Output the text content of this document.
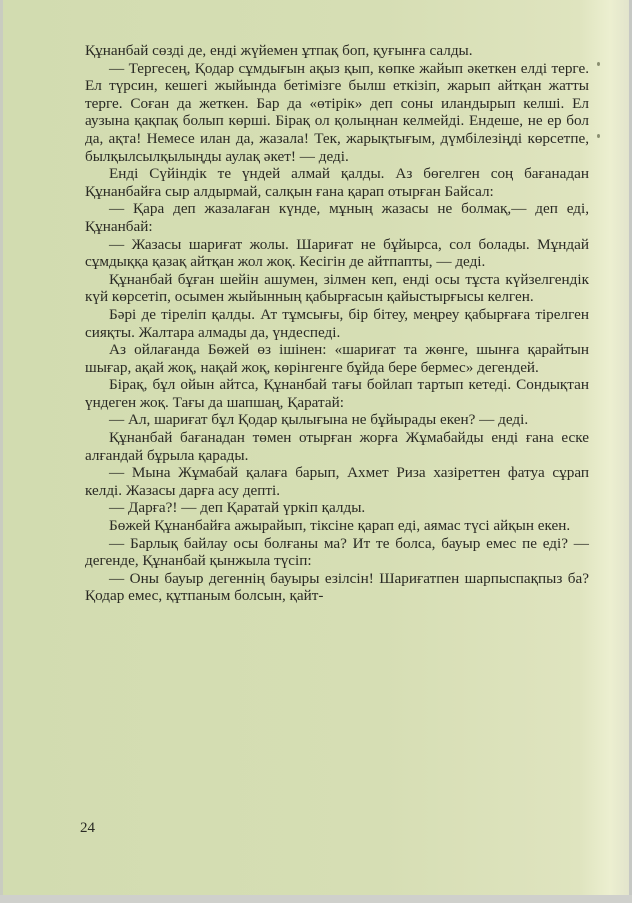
Құнанбай сөзді де, енді жүйемен ұтпақ боп, қуғынға салды.

— Тергесең, Қодар сұмдығын ақыз қып, көпке жайып әкеткен елді терге. Ел түрсин, кешегі жыйында бетімізге былш еткізіп, жарып айтқан жатты терге. Соған да жеткен. Бар да «өтірік» деп соны иландырып келші. Ел аузына қақпақ болып көрші. Бірақ ол қолыңнан келмейді. Ендеше, не ер бол да, ақта! Немесе илан да, жазала! Тек, жарықтығым, дүмбілезіңді көрсетпе, былқылсылқылыңды аулақ әкет! — деді.

Енді Сүйіндік те үндей алмай қалды. Аз бөгелген соң бағанадан Құнанбайға сыр алдырмай, салқын ғана қарап отырған Байсал:

— Қара деп жазалаған күнде, мұның жазасы не болмақ,— деп еді, Құнанбай:

— Жазасы шариғат жолы. Шариғат не бұйырса, сол болады. Мұндай сұмдыққа қазақ айтқан жол жоқ. Кесігін де айтпапты, — деді.

Құнанбай бұған шейін ашумен, зілмен кеп, енді осы тұста күйзелгендік күй көрсетіп, осымен жыйынның қабырғасын қайыстырғысы келген.

Бәрі де тіреліп қалды. Ат тұмсығы, бір бітеу, меңреу қабырғаға тірелген сияқты. Жалтара алмады да, үндеспеді.

Аз ойлағанда Бөжей өз ішінен: «шариғат та жөнге, шынға қарайтын шығар, ақай жоқ, нақай жоқ, көрінгенге бұйда бере бермес» дегендей.

Бірақ, бұл ойын айтса, Құнанбай тағы бойлап тартып кетеді. Сондықтан үндеген жоқ. Тағы да шапшаң, Қаратай:

— Ал, шариғат бұл Қодар қылығына не бұйырады екен? — деді.

Құнанбай бағанадан төмен отырған жорға Жұмабайды енді ғана еске алғандай бұрыла қарады.

— Мына Жұмабай қалаға барып, Ахмет Риза хазіреттен фатуа сұрап келді. Жазасы дарға асу депті.

— Дарға?! — деп Қаратай үркіп қалды.

Бөжей Құнанбайға ажырайып, тіксіне қарап еді, аямас түсі айқын екен.

— Барлық байлау осы болғаны ма? Ит те болса, бауыр емес пе еді? — дегенде, Құнанбай қынжыла түсіп:

— Оны бауыр дегеннің бауыры езілсін! Шариғатпен шарпыспақпыз ба? Қодар емес, құтпаным болсын, қайт-

24
